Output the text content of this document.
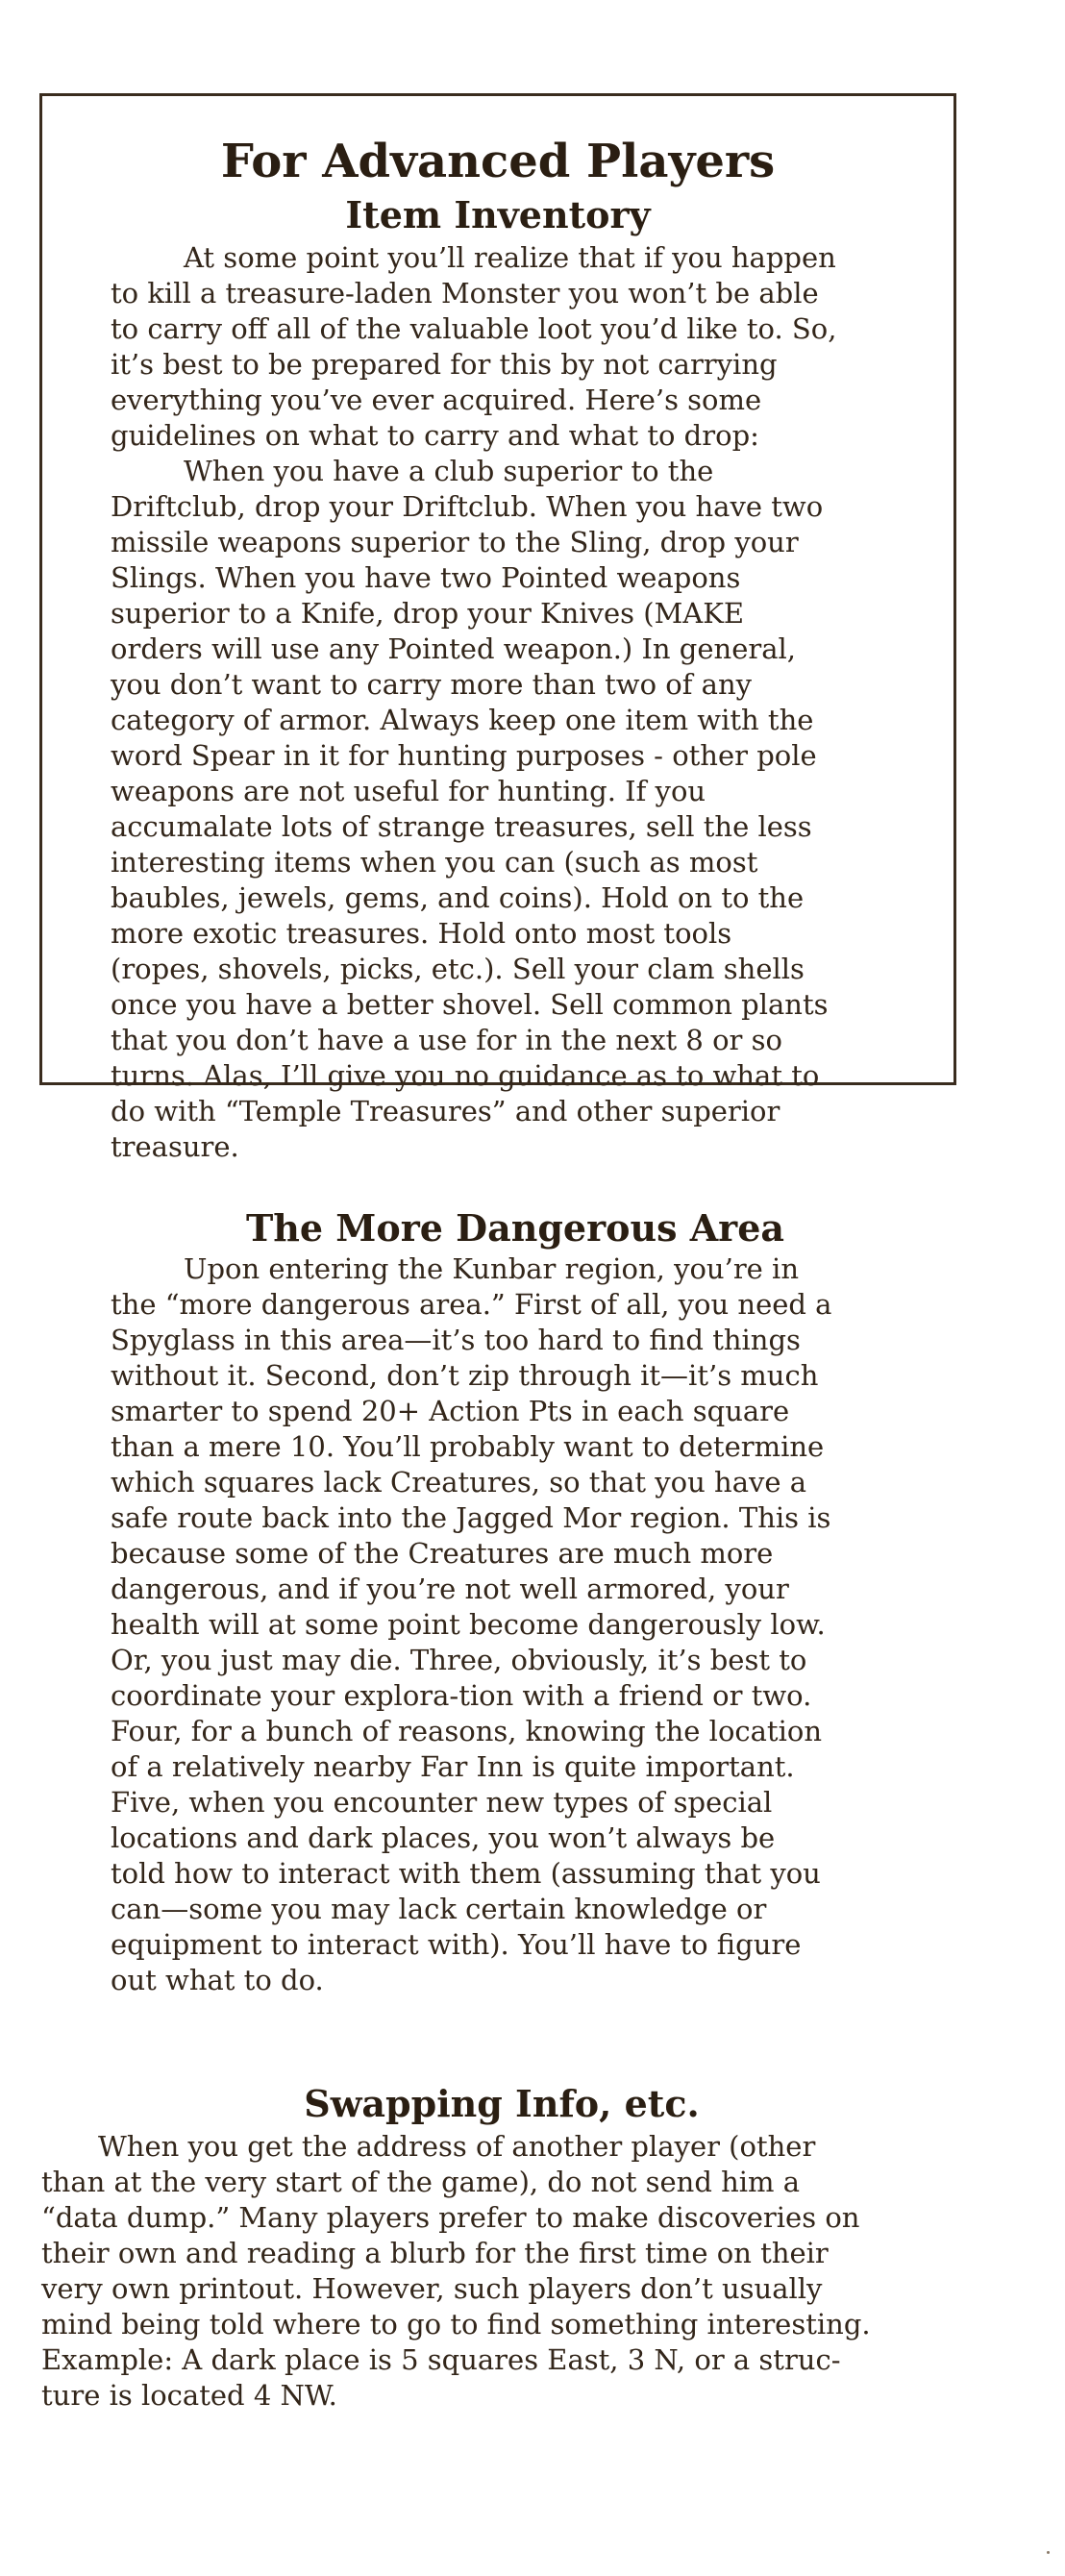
For Advanced Players
Item Inventory
At some point you’ll realize that if you happen
to kill a treasure-laden Monster you won’t be able
to carry off all of the valuable loot you’d like to. So,
it’s best to be prepared for this by not carrying
everything you’ve ever acquired. Here’s some
guidelines on what to carry and what to drop:
When you have a club superior to the
Driftclub, drop your Driftclub. When you have two
missile weapons superior to the Sling, drop your
Slings. When you have two Pointed weapons
superior to a Knife, drop your Knives (MAKE
orders will use any Pointed weapon.) In general,
you don’t want to carry more than two of any
category of armor. Always keep one item with the
word Spear in it for hunting purposes - other pole
weapons are not useful for hunting. If you
accumalate lots of strange treasures, sell the less
interesting items when you can (such as most
baubles, jewels, gems, and coins). Hold on to the
more exotic treasures. Hold onto most tools
(ropes, shovels, picks, etc.). Sell your clam shells
once you have a better shovel. Sell common plants
that you don’t have a use for in the next 8 or so
turns. Alas, I’ll give you no guidance as to what to
do with “Temple Treasures” and other superior
treasure.
The More Dangerous Area
Upon entering the Kunbar region, you’re in
the “more dangerous area.” First of all, you need a
Spyglass in this area—it’s too hard to find things
without it. Second, don’t zip through it—it’s much
smarter to spend 20+ Action Pts in each square
than a mere 10. You’ll probably want to determine
which squares lack Creatures, so that you have a
safe route back into the Jagged Mor region. This is
because some of the Creatures are much more
dangerous, and if you’re not well armored, your
health will at some point become dangerously low.
Or, you just may die. Three, obviously, it’s best to
coordinate your explora-tion with a friend or two.
Four, for a bunch of reasons, knowing the location
of a relatively nearby Far Inn is quite important.
Five, when you encounter new types of special
locations and dark places, you won’t always be
told how to interact with them (assuming that you
can—some you may lack certain knowledge or
equipment to interact with). You’ll have to figure
out what to do.
Swapping Info, etc.
When you get the address of another player (other
than at the very start of the game), do not send him a
“data dump.” Many players prefer to make discoveries on
their own and reading a blurb for the first time on their
very own printout. However, such players don’t usually
mind being told where to go to find something interesting.
Example: A dark place is 5 squares East, 3 N, or a struc-
ture is located 4 NW.
